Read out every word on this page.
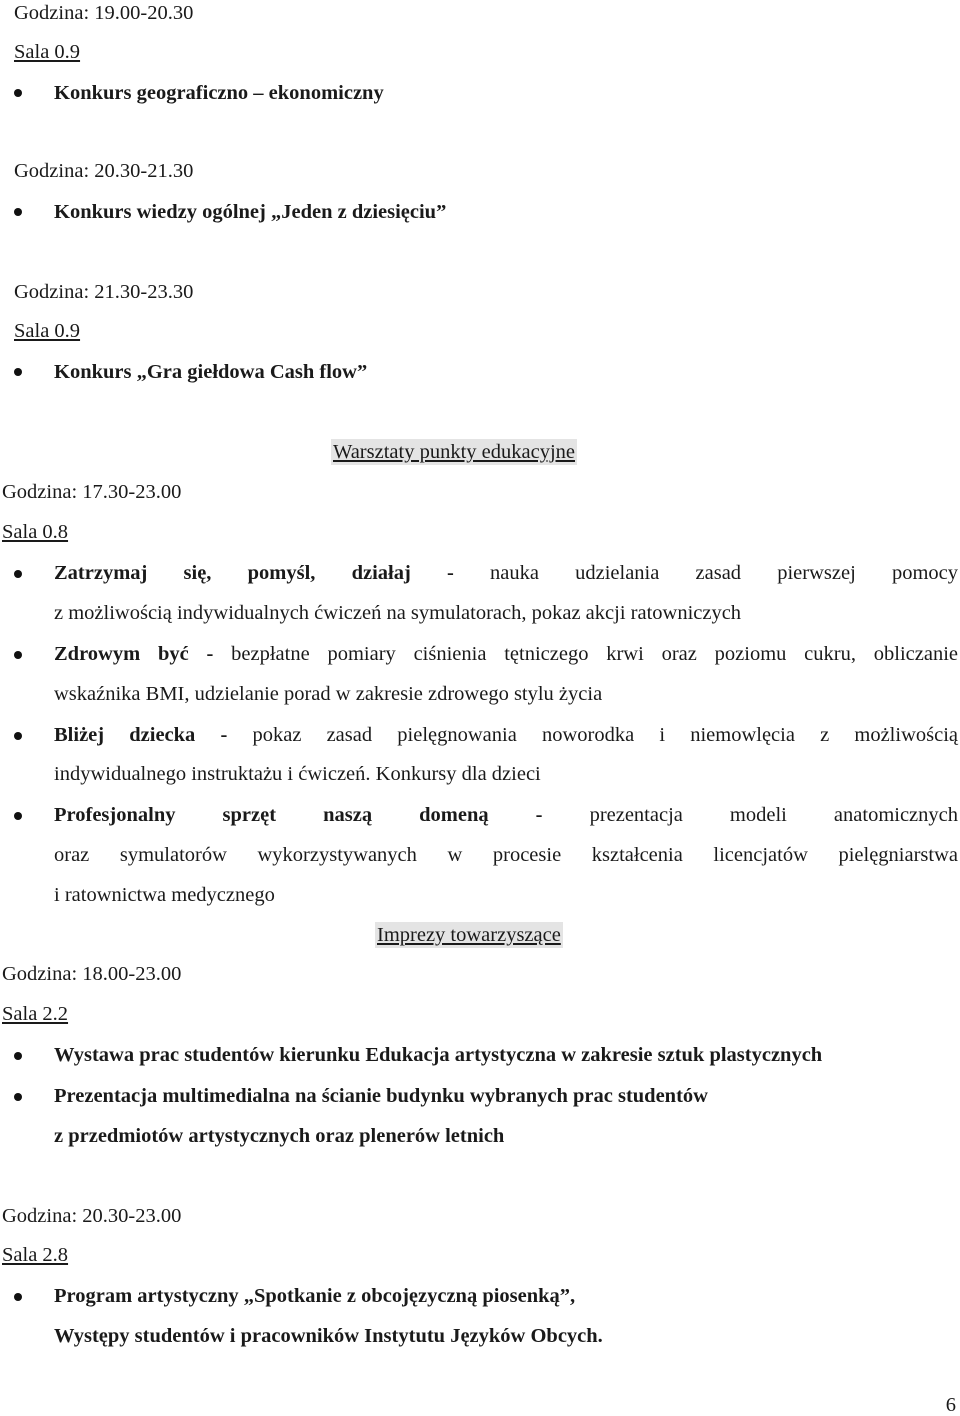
Godzina: 19.00-20.30
Sala 0.9
Konkurs geograficzno – ekonomiczny
Godzina: 20.30-21.30
Konkurs wiedzy ogólnej „Jeden z dziesięciu”
Godzina: 21.30-23.30
Sala 0.9
Konkurs „Gra giełdowa Cash flow”
Warsztaty punkty edukacyjne
Godzina: 17.30-23.00
Sala 0.8
Zatrzymaj się, pomyśl, działaj - nauka udzielania zasad pierwszej pomocy
z możliwością indywidualnych ćwiczeń na symulatorach, pokaz akcji ratowniczych
Zdrowym być - bezpłatne pomiary ciśnienia tętniczego krwi oraz poziomu cukru, obliczanie
wskaźnika BMI, udzielanie porad w zakresie zdrowego stylu życia
Bliżej dziecka - pokaz zasad pielęgnowania noworodka i niemowlęcia z możliwością
indywidualnego instruktażu i ćwiczeń. Konkursy dla dzieci
Profesjonalny sprzęt naszą domeną - prezentacja modeli anatomicznych
oraz symulatorów wykorzystywanych w procesie kształcenia licencjatów pielęgniarstwa
i ratownictwa medycznego
Imprezy towarzyszące
Godzina: 18.00-23.00
Sala 2.2
Wystawa prac studentów kierunku Edukacja artystyczna w zakresie sztuk plastycznych
Prezentacja multimedialna na ścianie budynku wybranych prac studentów
z przedmiotów artystycznych oraz plenerów letnich
Godzina: 20.30-23.00
Sala 2.8
Program artystyczny „Spotkanie z obcojęzyczną piosenką”,
Występy studentów i pracowników Instytutu Języków Obcych.
6
